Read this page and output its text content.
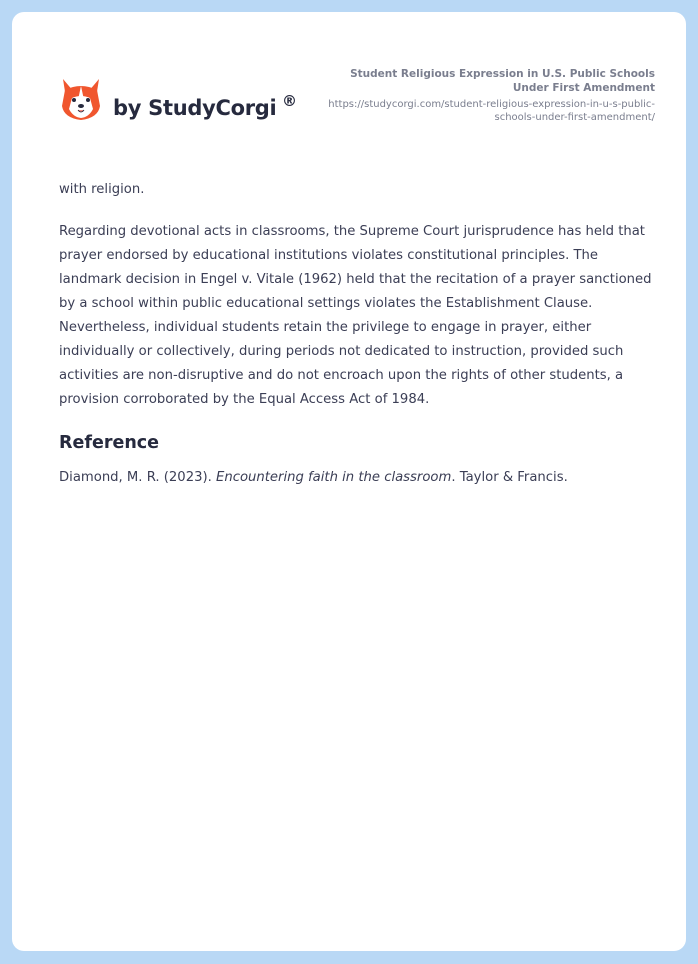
by StudyCorgi ®
Student Religious Expression in U.S. Public Schools Under First Amendment
https://studycorgi.com/student-religious-expression-in-u-s-public-schools-under-first-amendment/

with religion.

Regarding devotional acts in classrooms, the Supreme Court jurisprudence has held that prayer endorsed by educational institutions violates constitutional principles. The landmark decision in Engel v. Vitale (1962) held that the recitation of a prayer sanctioned by a school within public educational settings violates the Establishment Clause. Nevertheless, individual students retain the privilege to engage in prayer, either individually or collectively, during periods not dedicated to instruction, provided such activities are non-disruptive and do not encroach upon the rights of other students, a provision corroborated by the Equal Access Act of 1984.

Reference
Diamond, M. R. (2023). Encountering faith in the classroom. Taylor & Francis.
